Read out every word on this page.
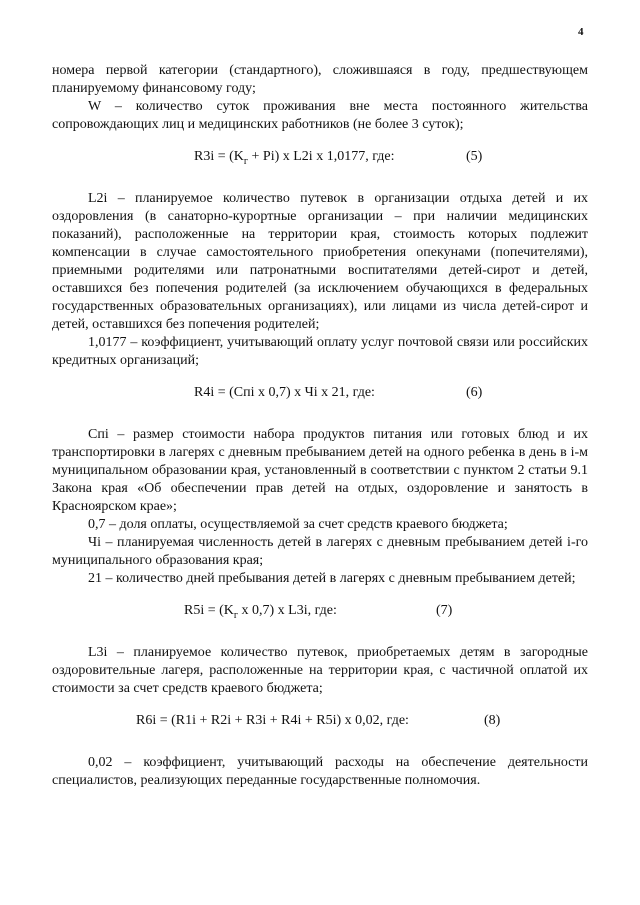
4

номера первой категории (стандартного), сложившаяся в году, предшествующем планируемому финансовому году;

W – количество суток проживания вне места постоянного жительства сопровождающих лиц и медицинских работников (не более 3 суток);

$R3i = (K_г + Pi)$ x L2i x 1,0177, где:	(5)

L2i – планируемое количество путевок в организации отдыха детей и их оздоровления (в санаторно-курортные организации – при наличии медицинских показаний), расположенные на территории края, стоимость которых подлежит компенсации в случае самостоятельного приобретения опекунами (попечителями), приемными родителями или патронатными воспитателями детей-сирот и детей, оставшихся без попечения родителей (за исключением обучающихся в федеральных государственных образовательных организациях), или лицами из числа детей-сирот и детей, оставшихся без попечения родителей;

1,0177 – коэффициент, учитывающий оплату услуг почтовой связи или российских кредитных организаций;

R4i = (Cпi x 0,7) x Чi x 21, где:	(6)

Cпi – размер стоимости набора продуктов питания или готовых блюд и их транспортировки в лагерях с дневным пребыванием детей на одного ребенка в день в i-м муниципальном образовании края, установленный в соответствии с пунктом 2 статьи 9.1 Закона края «Об обеспечении прав детей на отдых, оздоровление и занятость в Красноярском крае»;

0,7 – доля оплаты, осуществляемой за счет средств краевого бюджета;

Чi – планируемая численность детей в лагерях с дневным пребыванием детей i-го муниципального образования края;

21 – количество дней пребывания детей в лагерях с дневным пребыванием детей;

$R5i = (K_г$ x 0,7) x L3i, где:	(7)

L3i – планируемое количество путевок, приобретаемых детям в загородные оздоровительные лагеря, расположенные на территории края, с частичной оплатой их стоимости за счет средств краевого бюджета;

R6i = (R1i + R2i + R3i + R4i + R5i) x 0,02, где:	(8)

0,02 – коэффициент, учитывающий расходы на обеспечение деятельности специалистов, реализующих переданные государственные полномочия.
